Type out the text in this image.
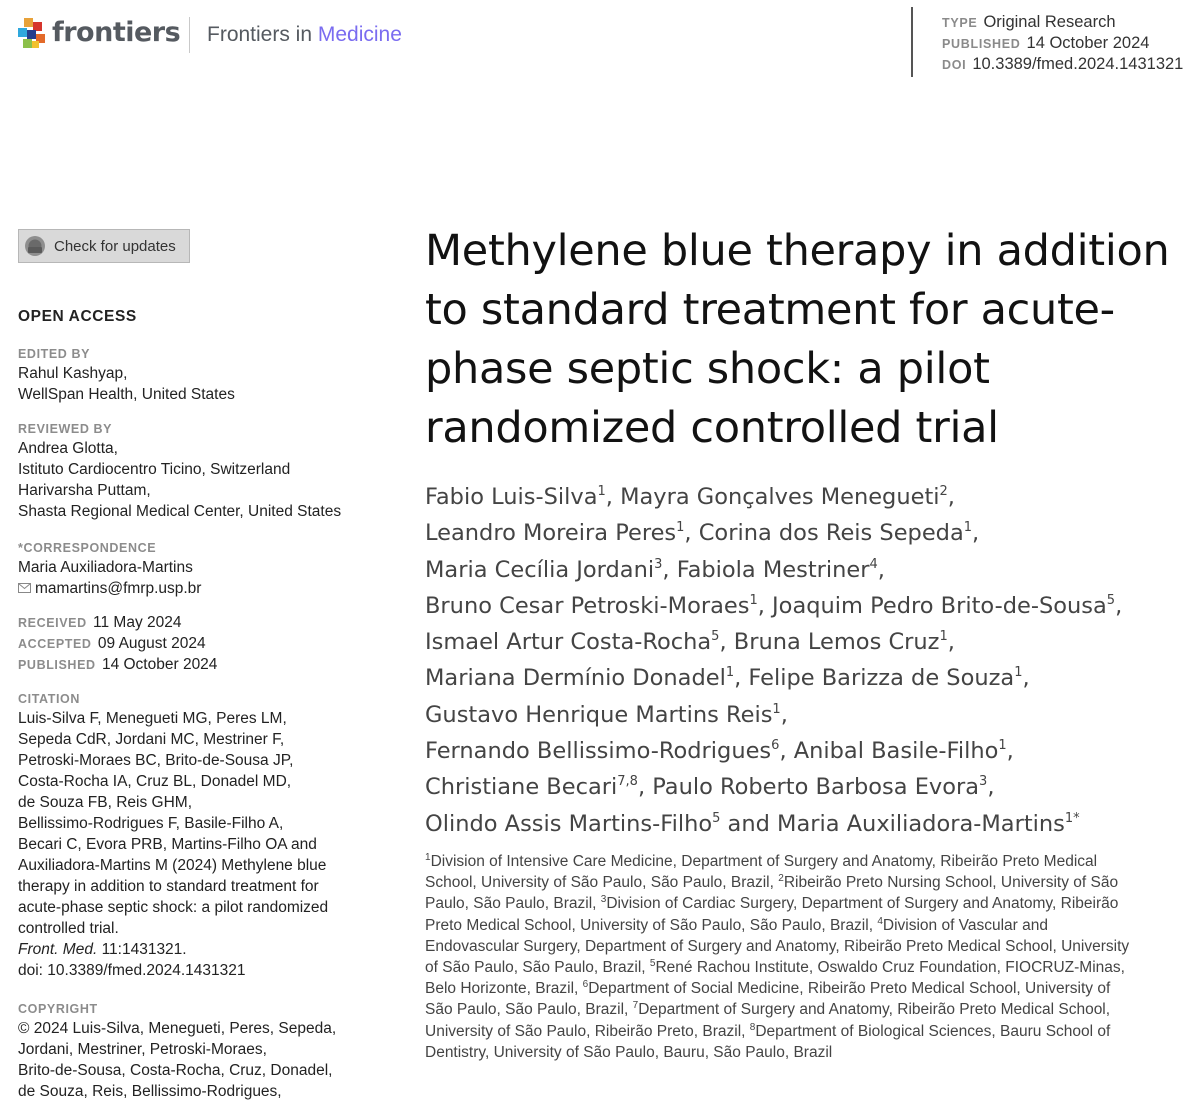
frontiers Frontiers in Medicine	TYPE Original Research
PUBLISHED 14 October 2024
DOI 10.3389/fmed.2024.1431321
Check for updates
OPEN ACCESS
EDITED BY
Rahul Kashyap,
WellSpan Health, United States
REVIEWED BY
Andrea Glotta,
Istituto Cardiocentro Ticino, Switzerland
Harivarsha Puttam,
Shasta Regional Medical Center, United States
*CORRESPONDENCE
Maria Auxiliadora-Martins
mamartins@fmrp.usp.br
RECEIVED 11 May 2024
ACCEPTED 09 August 2024
PUBLISHED 14 October 2024
CITATION
Luis-Silva F, Menegueti MG, Peres LM,
Sepeda CdR, Jordani MC, Mestriner F,
Petroski-Moraes BC, Brito-de-Sousa JP,
Costa-Rocha IA, Cruz BL, Donadel MD,
de Souza FB, Reis GHM,
Bellissimo-Rodrigues F, Basile-Filho A,
Becari C, Evora PRB, Martins-Filho OA and
Auxiliadora-Martins M (2024) Methylene blue
therapy in addition to standard treatment for
acute-phase septic shock: a pilot randomized
controlled trial.
Front. Med. 11:1431321.
doi: 10.3389/fmed.2024.1431321
COPYRIGHT
© 2024 Luis-Silva, Menegueti, Peres, Sepeda,
Jordani, Mestriner, Petroski-Moraes,
Brito-de-Sousa, Costa-Rocha, Cruz, Donadel,
de Souza, Reis, Bellissimo-Rodrigues,
Methylene blue therapy in addition to standard treatment for acute-phase septic shock: a pilot randomized controlled trial
Fabio Luis-Silva$^1$, Mayra Gonçalves Menegueti$^2$,
Leandro Moreira Peres$^1$, Corina dos Reis Sepeda$^1$,
Maria Cecília Jordani$^3$, Fabiola Mestriner$^4$,
Bruno Cesar Petroski-Moraes$^1$, Joaquim Pedro Brito-de-Sousa$^5$,
Ismael Artur Costa-Rocha$^5$, Bruna Lemos Cruz$^1$,
Mariana Dermínio Donadel$^1$, Felipe Barizza de Souza$^1$,
Gustavo Henrique Martins Reis$^1$,
Fernando Bellissimo-Rodrigues$^6$, Anibal Basile-Filho$^1$,
Christiane Becari$^{7,8}$, Paulo Roberto Barbosa Evora$^3$,
Olindo Assis Martins-Filho$^5$ and Maria Auxiliadora-Martins$^{1*}$
$^1$Division of Intensive Care Medicine, Department of Surgery and Anatomy, Ribeirão Preto Medical
School, University of São Paulo, São Paulo, Brazil, $^2$Ribeirão Preto Nursing School, University of São
Paulo, São Paulo, Brazil, $^3$Division of Cardiac Surgery, Department of Surgery and Anatomy, Ribeirão
Preto Medical School, University of São Paulo, São Paulo, Brazil, $^4$Division of Vascular and
Endovascular Surgery, Department of Surgery and Anatomy, Ribeirão Preto Medical School, University
of São Paulo, São Paulo, Brazil, $^5$René Rachou Institute, Oswaldo Cruz Foundation, FIOCRUZ-Minas,
Belo Horizonte, Brazil, $^6$Department of Social Medicine, Ribeirão Preto Medical School, University of
São Paulo, São Paulo, Brazil, $^7$Department of Surgery and Anatomy, Ribeirão Preto Medical School,
University of São Paulo, Ribeirão Preto, Brazil, $^8$Department of Biological Sciences, Bauru School of
Dentistry, University of São Paulo, Bauru, São Paulo, Brazil
